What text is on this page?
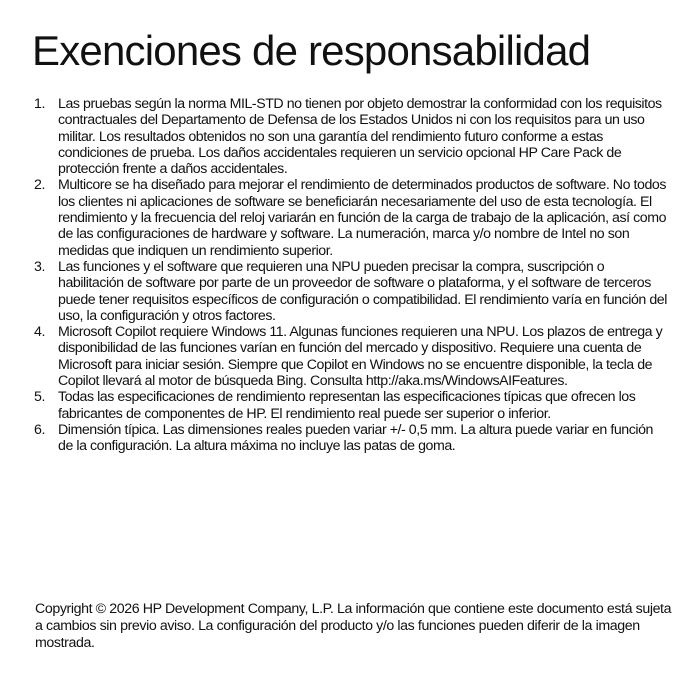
Exenciones de responsabilidad
1. Las pruebas según la norma MIL-STD no tienen por objeto demostrar la conformidad con los requisitos contractuales del Departamento de Defensa de los Estados Unidos ni con los requisitos para un uso militar. Los resultados obtenidos no son una garantía del rendimiento futuro conforme a estas condiciones de prueba. Los daños accidentales requieren un servicio opcional HP Care Pack de protección frente a daños accidentales.
2. Multicore se ha diseñado para mejorar el rendimiento de determinados productos de software. No todos los clientes ni aplicaciones de software se beneficiarán necesariamente del uso de esta tecnología. El rendimiento y la frecuencia del reloj variarán en función de la carga de trabajo de la aplicación, así como de las configuraciones de hardware y software. La numeración, marca y/o nombre de Intel no son medidas que indiquen un rendimiento superior.
3. Las funciones y el software que requieren una NPU pueden precisar la compra, suscripción o habilitación de software por parte de un proveedor de software o plataforma, y el software de terceros puede tener requisitos específicos de configuración o compatibilidad. El rendimiento varía en función del uso, la configuración y otros factores.
4. Microsoft Copilot requiere Windows 11. Algunas funciones requieren una NPU. Los plazos de entrega y disponibilidad de las funciones varían en función del mercado y dispositivo. Requiere una cuenta de Microsoft para iniciar sesión. Siempre que Copilot en Windows no se encuentre disponible, la tecla de Copilot llevará al motor de búsqueda Bing. Consulta http://aka.ms/WindowsAIFeatures.
5. Todas las especificaciones de rendimiento representan las especificaciones típicas que ofrecen los fabricantes de componentes de HP. El rendimiento real puede ser superior o inferior.
6. Dimensión típica. Las dimensiones reales pueden variar +/- 0,5 mm. La altura puede variar en función de la configuración. La altura máxima no incluye las patas de goma.

Copyright © 2026 HP Development Company, L.P. La información que contiene este documento está sujeta a cambios sin previo aviso. La configuración del producto y/o las funciones pueden diferir de la imagen mostrada.
